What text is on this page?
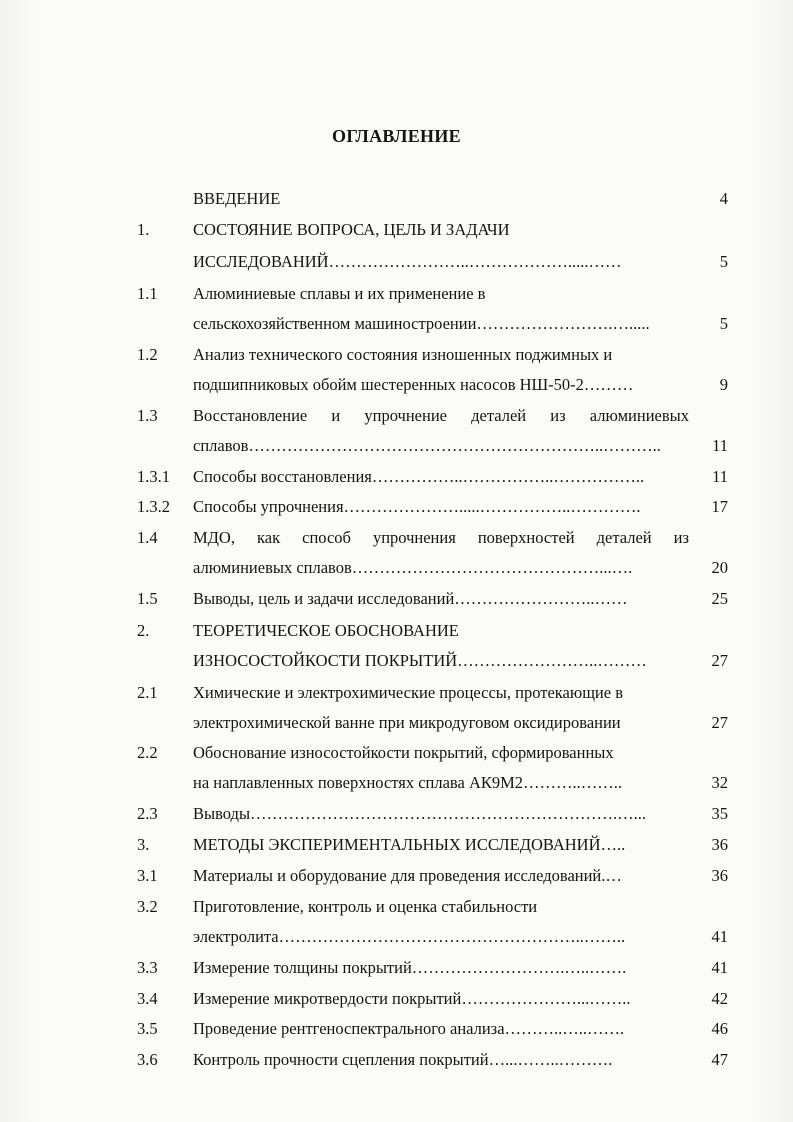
ОГЛАВЛЕНИЕ
ВВЕДЕНИЕ	4
1.	СОСТОЯНИЕ ВОПРОСА, ЦЕЛЬ И ЗАДАЧИ
ИССЛЕДОВАНИЙ……………………..……………….....……	5
1.1 Алюминиевые сплавы и их применение в
сельскохозяйственном машиностроении…………………….….....	5
1.2 Анализ технического состояния изношенных поджимных и
подшипниковых обойм шестеренных насосов НШ-50-2………	9
1.3 Восстановление и упрочнение деталей из алюминиевых
сплавов………………………………………………………..………..	11
1.3.1 Способы восстановления……………..……………..……………..	11
1.3.2 Способы упрочнения………………….....……………..………….	17
1.4 МДО, как способ упрочнения поверхностей деталей из
алюминиевых сплавов………………………………………...….	20
1.5 Выводы, цель и задачи исследований……………………..……	25
2.	ТЕОРЕТИЧЕСКОЕ ОБОСНОВАНИЕ
ИЗНОСОСТОЙКОСТИ ПОКРЫТИЙ……………………..………	27
2.1 Химические и электрохимические процессы, протекающие в
электрохимической ванне при микродуговом оксидировании	27
2.2 Обоснование износостойкости покрытий, сформированных
на наплавленных поверхностях сплава АК9М2………..……..	32
2.3 Выводы………………………………………………………….…...	35
3.	МЕТОДЫ ЭКСПЕРИМЕНТАЛЬНЫХ ИССЛЕДОВАНИЙ…..	36
3.1 Материалы и оборудование для проведения исследований.…	36
3.2 Приготовление, контроль и оценка стабильности
электролита………………………………………………..……..	41
3.3 Измерение толщины покрытий……………………….…..…….	41
3.4 Измерение микротвердости покрытий…………………...……..	42
3.5 Проведение рентгеноспектрального анализа………..…..…….	46
3.6 Контроль прочности сцепления покрытий…...……..……….	47
